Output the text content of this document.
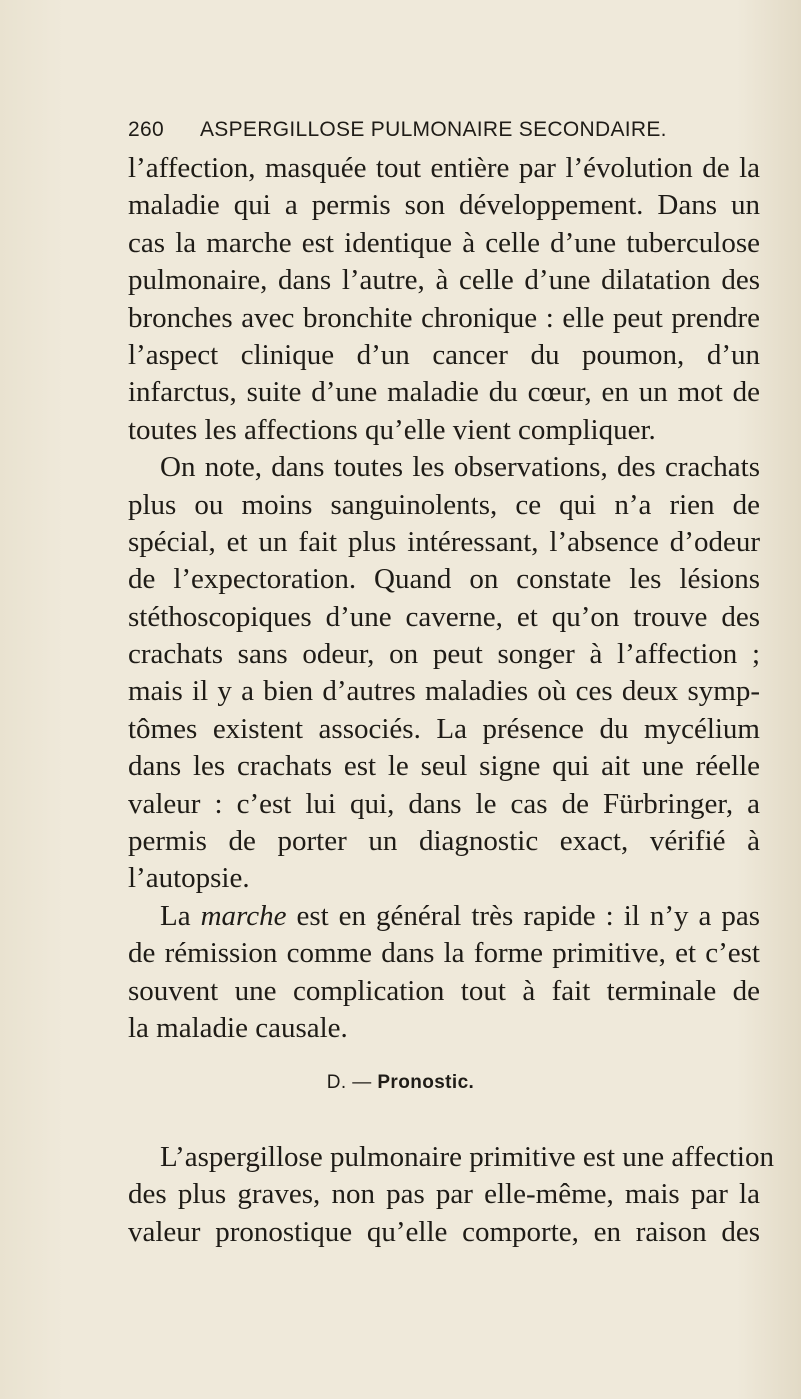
260 ASPERGILLOSE PULMONAIRE SECONDAIRE.
l’affection, masquée tout entière par l’évolution de la
maladie qui a permis son développement. Dans un
cas la marche est identique à celle d’une tuberculose
pulmonaire, dans l’autre, à celle d’une dilatation des
bronches avec bronchite chronique : elle peut prendre
l’aspect clinique d’un cancer du poumon, d’un
infarctus, suite d’une maladie du cœur, en un mot de
toutes les affections qu’elle vient compliquer.
On note, dans toutes les observations, des crachats
plus ou moins sanguinolents, ce qui n’a rien de
spécial, et un fait plus intéressant, l’absence d’odeur
de l’expectoration. Quand on constate les lésions
stéthoscopiques d’une caverne, et qu’on trouve des
crachats sans odeur, on peut songer à l’affection ;
mais il y a bien d’autres maladies où ces deux symp-
tômes existent associés. La présence du mycélium
dans les crachats est le seul signe qui ait une réelle
valeur : c’est lui qui, dans le cas de Fürbringer, a
permis de porter un diagnostic exact, vérifié à
l’autopsie.
La marche est en général très rapide : il n’y a pas
de rémission comme dans la forme primitive, et c’est
souvent une complication tout à fait terminale de
la maladie causale.
D. — Pronostic.
L’aspergillose pulmonaire primitive est une affection
des plus graves, non pas par elle-même, mais par la
valeur pronostique qu’elle comporte, en raison des
